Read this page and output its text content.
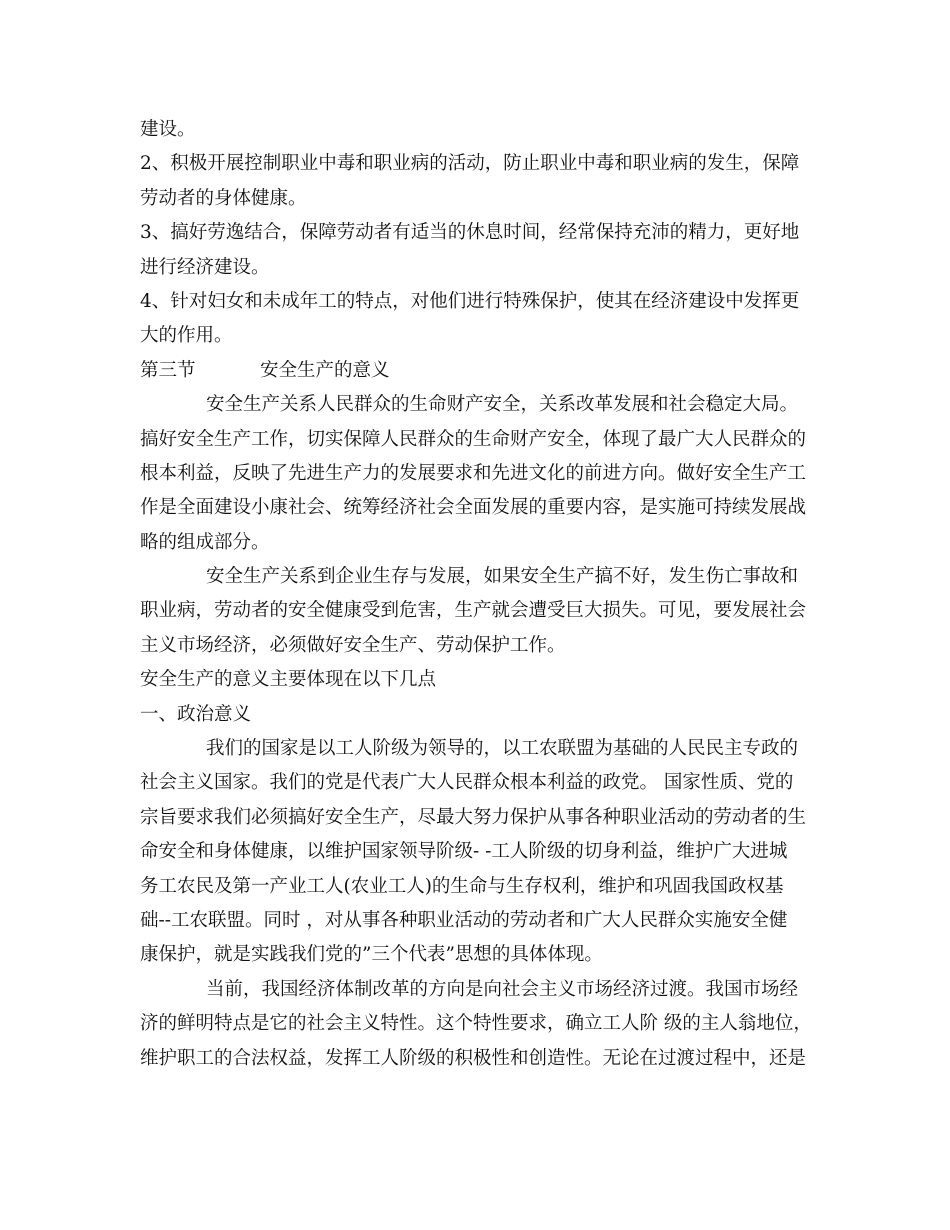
建设。
2、积极开展控制职业中毒和职业病的活动，防止职业中毒和职业病的发生，保障
劳动者的身体健康。
3、搞好劳逸结合，保障劳动者有适当的休息时间，经常保持充沛的精力，更好地
进行经济建设。
4、针对妇女和未成年工的特点，对他们进行特殊保护，使其在经济建设中发挥更
大的作用。
第三节	安全生产的意义
安全生产关系人民群众的生命财产安全，关系改革发展和社会稳定大局。
搞好安全生产工作，切实保障人民群众的生命财产安全，体现了最广大人民群众的
根本利益，反映了先进生产力的发展要求和先进文化的前进方向。做好安全生产工
作是全面建设小康社会、统筹经济社会全面发展的重要内容，是实施可持续发展战
略的组成部分。
安全生产关系到企业生存与发展，如果安全生产搞不好，发生伤亡事故和
职业病，劳动者的安全健康受到危害，生产就会遭受巨大损失。可见，要发展社会
主义市场经济，必须做好安全生产、劳动保护工作。
安全生产的意义主要体现在以下几点
一、政治意义
我们的国家是以工人阶级为领导的，以工农联盟为基础的人民民主专政的
社会主义国家。我们的党是代表广大人民群众根本利益的政党。 国家性质、党的
宗旨要求我们必须搞好安全生产，尽最大努力保护从事各种职业活动的劳动者的生
命安全和身体健康，以维护国家领导阶级- -工人阶级的切身利益，维护广大进城
务工农民及第一产业工人(农业工人)的生命与生存权利，维护和巩固我国政权基
础--工农联盟。同时 ，对从事各种职业活动的劳动者和广大人民群众实施安全健
康保护，就是实践我们党的”三个代表”思想的具体体现。
当前，我国经济体制改革的方向是向社会主义市场经济过渡。我国市场经
济的鲜明特点是它的社会主义特性。这个特性要求，确立工人阶 级的主人翁地位，
维护职工的合法权益，发挥工人阶级的积极性和创造性。无论在过渡过程中，还是
